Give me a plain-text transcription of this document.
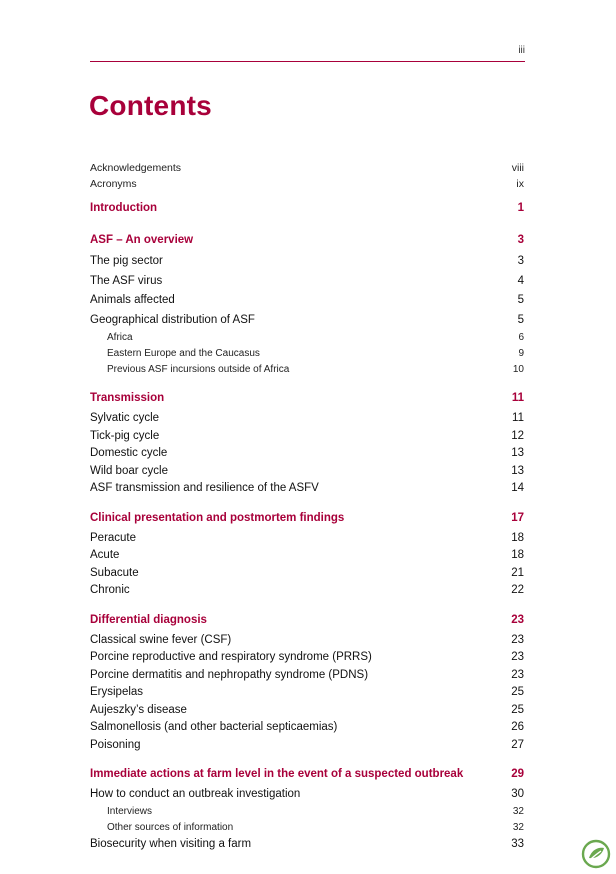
iii
Contents
Acknowledgements	viii
Acronyms	ix
Introduction	1
ASF – An overview	3
The pig sector	3
The ASF virus	4
Animals affected	5
Geographical distribution of ASF	5
Africa	6
Eastern Europe and the Caucasus	9
Previous ASF incursions outside of Africa	10
Transmission	11
Sylvatic cycle	11
Tick-pig cycle	12
Domestic cycle	13
Wild boar cycle	13
ASF transmission and resilience of the ASFV	14
Clinical presentation and postmortem findings	17
Peracute	18
Acute	18
Subacute	21
Chronic	22
Differential diagnosis	23
Classical swine fever (CSF)	23
Porcine reproductive and respiratory syndrome (PRRS)	23
Porcine dermatitis and nephropathy syndrome (PDNS)	23
Erysipelas	25
Aujeszky’s disease	25
Salmonellosis (and other bacterial septicaemias)	26
Poisoning	27
Immediate actions at farm level in the event of a suspected outbreak	29
How to conduct an outbreak investigation	30
Interviews	32
Other sources of information	32
Biosecurity when visiting a farm	33
